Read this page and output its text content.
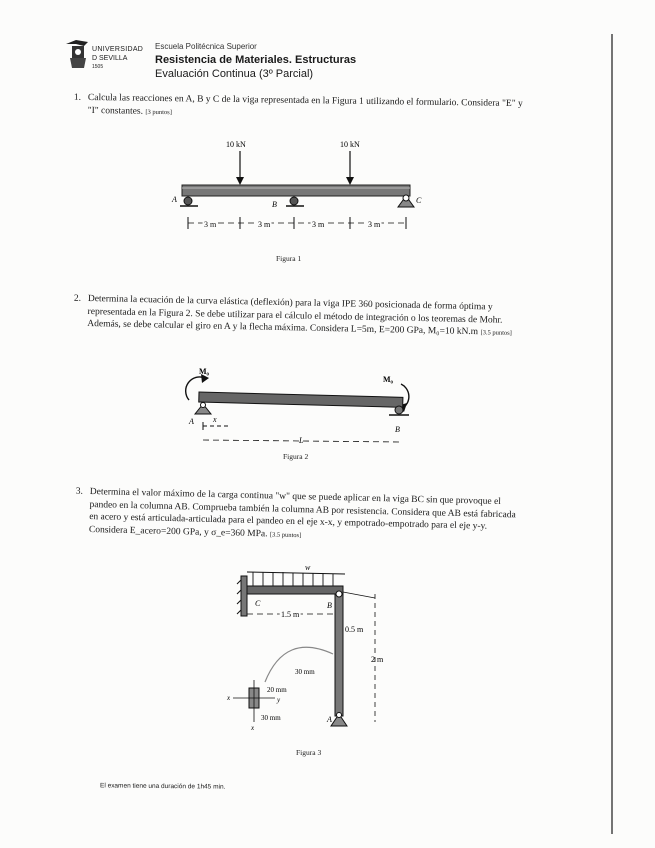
UNIVERSIDAD
D SEVILLA
1505
Escuela Politécnica Superior
Resistencia de Materiales. Estructuras
Evaluación Continua (3º Parcial)
1. Calcula las reacciones en A, B y C de la viga representada en la Figura 1 utilizando el formulario. Considera "E" y "I" constantes. [3 puntos]
10 kN	10 kN
A
B	C
3 m	3 m	3 m	3 m
Figura 1
2. Determina la ecuación de la curva elástica (deflexión) para la viga IPE 360 posicionada de forma óptima y representada en la Figura 2. Se debe utilizar para el cálculo el método de integración o los teoremas de Mohr. Además, se debe calcular el giro en A y la flecha máxima. Considera L=5m, E=200 GPa, M₀=10 kN.m [3.5 puntos]
M₀
M₀
A
B
x
L
Figura 2
3. Determina el valor máximo de la carga continua "w" que se puede aplicar en la viga BC sin que provoque el pandeo en la columna AB. Comprueba también la columna AB por resistencia. Considera que AB está fabricada en acero y está articulada-articulada para el pandeo en el eje x-x, y empotrado-empotrado para el eje y-y. Considera E_acero=200 GPa, y σ_e=360 MPa. [3.5 puntos]
w
C	B
A
1.5 m
0.5 m
2 m
30 mm
x	y
20 mm
30 mm
x
Figura 3
El examen tiene una duración de 1h45 min.
